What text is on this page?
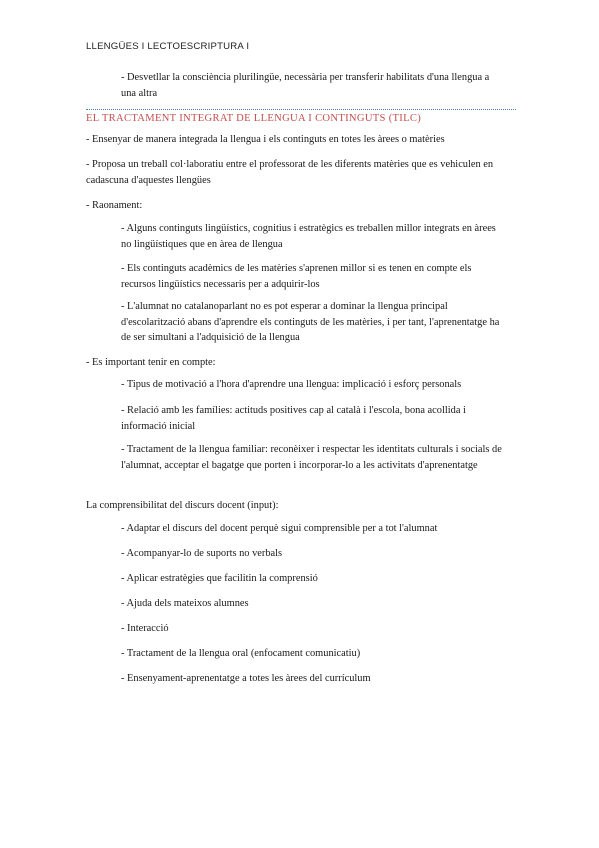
LLENGÜES I LECTOESCRIPTURA I

- Desvetllar la consciència plurilingüe, necessària per transferir habilitats d'una llengua a una altra

EL TRACTAMENT INTEGRAT DE LLENGUA I CONTINGUTS (TILC)

- Ensenyar de manera integrada la llengua i els continguts en totes les àrees o matèries

- Proposa un treball col·laboratiu entre el professorat de les diferents matèries que es vehiculen en cadascuna d'aquestes llengües

- Raonament:

- Alguns continguts lingüístics, cognitius i estratègics es treballen millor integrats en àrees no lingüístiques que en àrea de llengua

- Els continguts acadèmics de les matèries s'aprenen millor si es tenen en compte els recursos lingüístics necessaris per a adquirir-los

- L'alumnat no catalanoparlant no es pot esperar a dominar la llengua principal d'escolarització abans d'aprendre els continguts de les matèries, i per tant, l'aprenentatge ha de ser simultani a l'adquisició de la llengua

- Es important tenir en compte:

- Tipus de motivació a l'hora d'aprendre una llengua: implicació i esforç personals

- Relació amb les famílies: actituds positives cap al català i l'escola, bona acollida i informació inicial

- Tractament de la llengua familiar: reconèixer i respectar les identitats culturals i socials de l'alumnat, acceptar el bagatge que porten i incorporar-lo a les activitats d'aprenentatge

La comprensibilitat del discurs docent (input):

- Adaptar el discurs del docent perquè sigui comprensible per a tot l'alumnat

- Acompanyar-lo de suports no verbals

- Aplicar estratègies que facilitin la comprensió

- Ajuda dels mateixos alumnes

- Interacció

- Tractament de la llengua oral (enfocament comunicatiu)

- Ensenyament-aprenentatge a totes les àrees del currículum
